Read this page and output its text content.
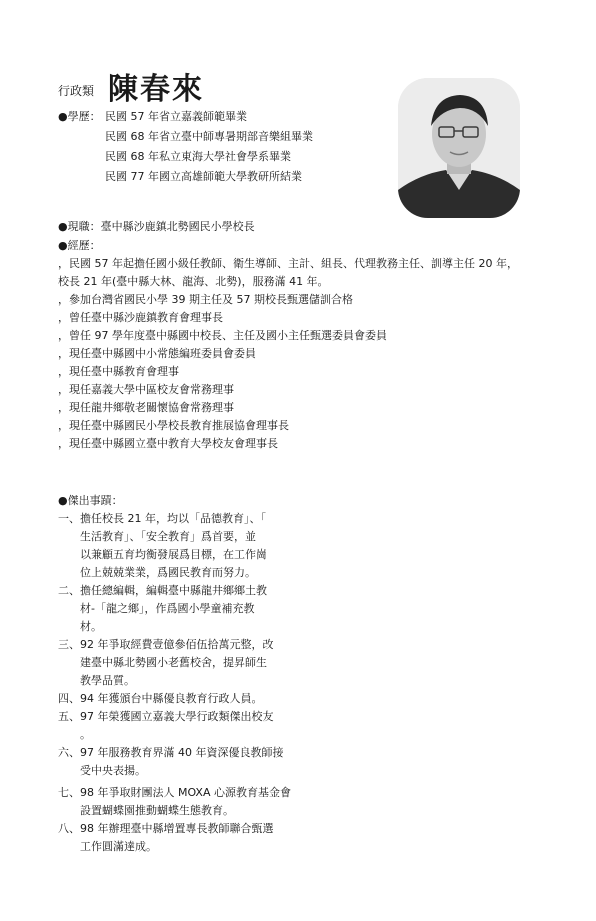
行政類 陳春來
●學歷： 民國 57 年省立嘉義師範畢業
民國 68 年省立臺中師專暑期部音樂組畢業
民國 68 年私立東海大學社會學系畢業
民國 77 年國立高雄師範大學教研所結業
●現職：臺中縣沙鹿鎮北勢國民小學校長
●經歷：
，民國 57 年起擔任國小級任教師、衛生導師、主計、組長、代理教務主任、訓導主任 20 年，
校長 21 年(臺中縣大林、龍海、北勢)，服務滿 41 年。
，參加台灣省國民小學 39 期主任及 57 期校長甄選儲訓合格
，曾任臺中縣沙鹿鎮教育會理事長
，曾任 97 學年度臺中縣國中校長、主任及國小主任甄選委員會委員
，現任臺中縣國中小常態編班委員會委員
，現任臺中縣教育會理事
，現任嘉義大學中區校友會常務理事
，現任龍井鄉敬老關懷協會常務理事
，現任臺中縣國民小學校長教育推展協會理事長
，現任臺中縣國立臺中教育大學校友會理事長
●傑出事蹟：
一、擔任校長 21 年，均以「品德教育」、「
生活教育」、「安全教育」爲首要，並
以兼顧五育均衡發展爲目標，在工作崗
位上兢兢業業，爲國民教育而努力。
二、擔任總編輯，編輯臺中縣龍井鄉鄉土教
材-「龍之鄉」，作爲國小學童補充教
材。
三、92 年爭取經費壹億參佰伍拾萬元整，改
建臺中縣北勢國小老舊校舍，提昇師生
教學品質。
四、94 年獲頒台中縣優良教育行政人員。
五、97 年榮獲國立嘉義大學行政類傑出校友
。
六、97 年服務教育界滿 40 年資深優良教師接
受中央表揚。
七、98 年爭取財團法人 MOXA 心源教育基金會
設置蝴蝶園推動蝴蝶生態教育。
八、98 年辦理臺中縣增置專長教師聯合甄選
工作圓滿達成。
